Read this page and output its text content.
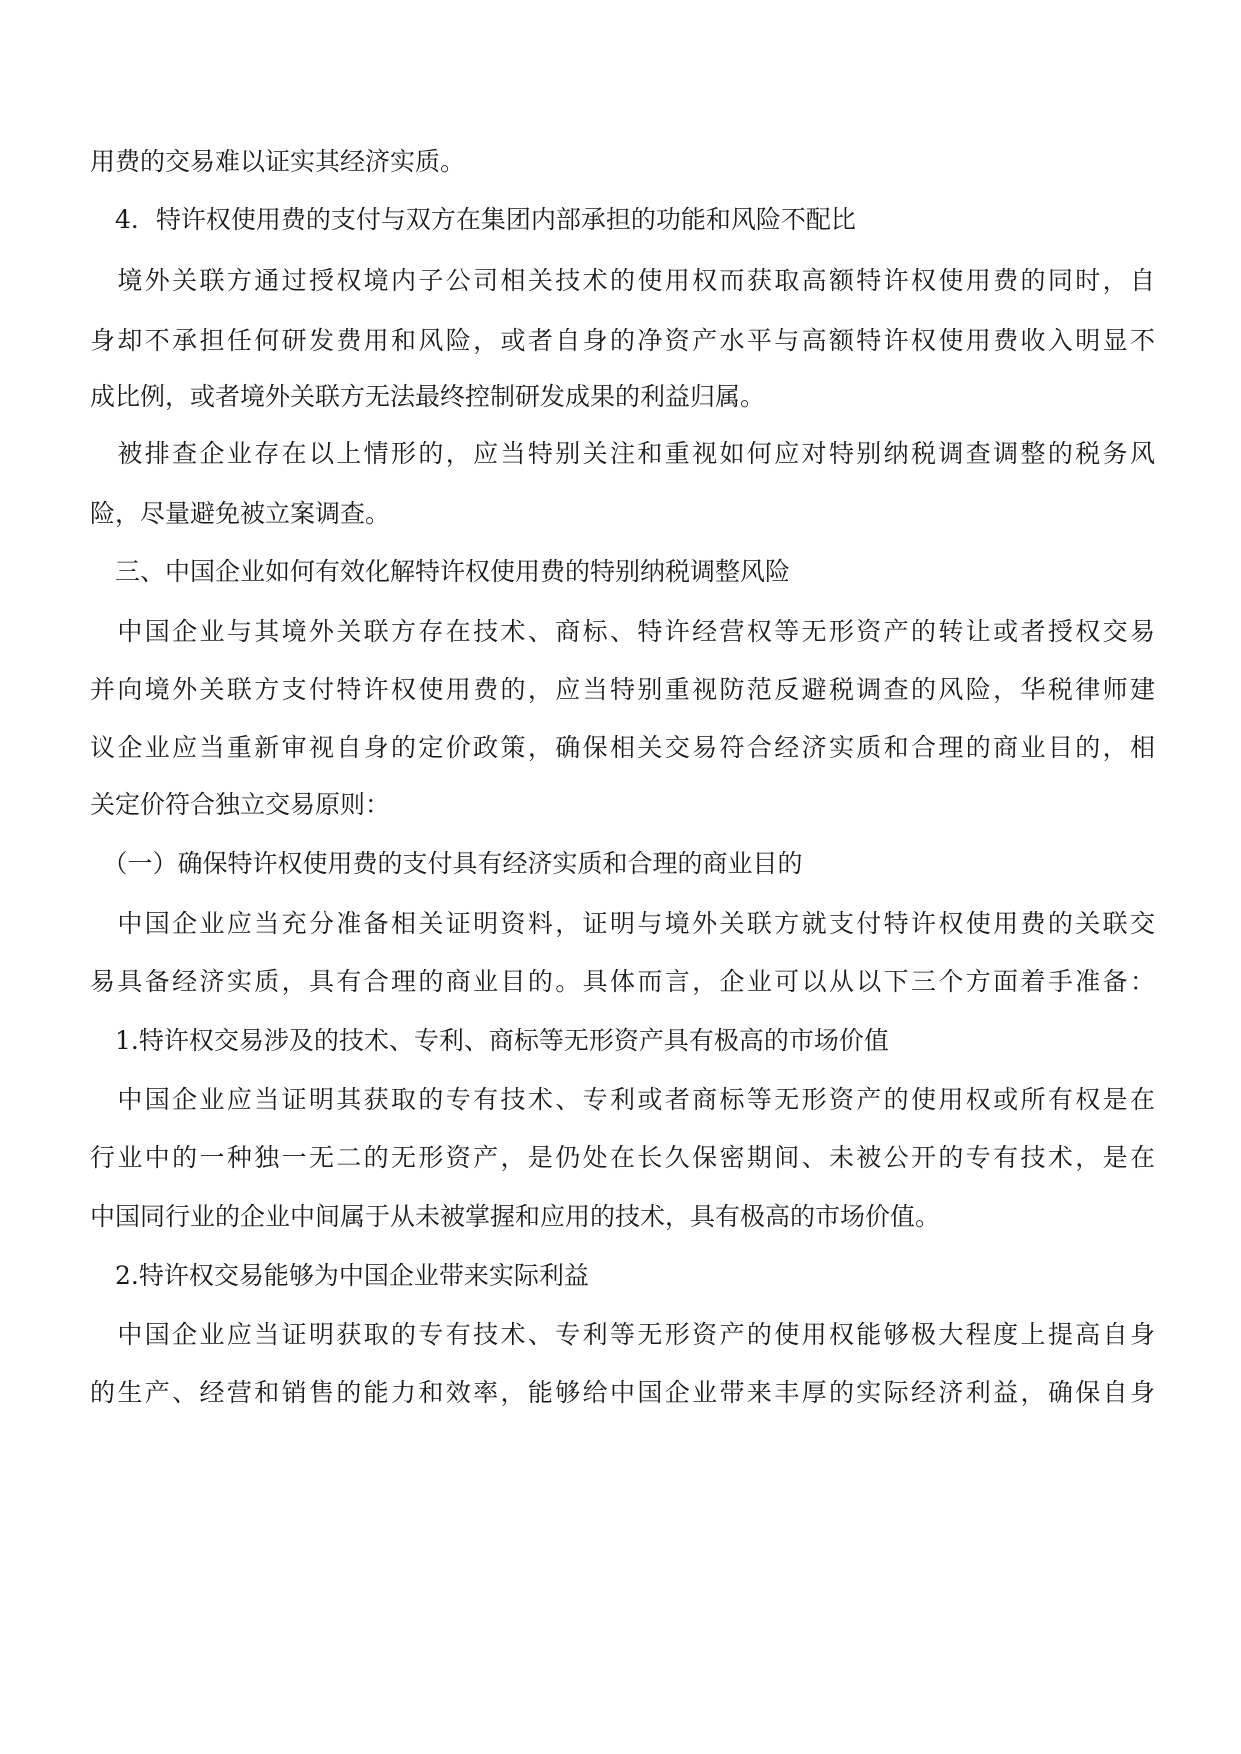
用费的交易难以证实其经济实质。
　4．特许权使用费的支付与双方在集团内部承担的功能和风险不配比
　境外关联方通过授权境内子公司相关技术的使用权而获取高额特许权使用费的同时，自
身却不承担任何研发费用和风险，或者自身的净资产水平与高额特许权使用费收入明显不
成比例，或者境外关联方无法最终控制研发成果的利益归属。
　被排查企业存在以上情形的，应当特别关注和重视如何应对特别纳税调查调整的税务风
险，尽量避免被立案调查。
　三、中国企业如何有效化解特许权使用费的特别纳税调整风险
　中国企业与其境外关联方存在技术、商标、特许经营权等无形资产的转让或者授权交易
并向境外关联方支付特许权使用费的，应当特别重视防范反避税调查的风险，华税律师建
议企业应当重新审视自身的定价政策，确保相关交易符合经济实质和合理的商业目的，相
关定价符合独立交易原则：
　（一）确保特许权使用费的支付具有经济实质和合理的商业目的
　中国企业应当充分准备相关证明资料，证明与境外关联方就支付特许权使用费的关联交
易具备经济实质，具有合理的商业目的。具体而言，企业可以从以下三个方面着手准备：
　1.特许权交易涉及的技术、专利、商标等无形资产具有极高的市场价值
　中国企业应当证明其获取的专有技术、专利或者商标等无形资产的使用权或所有权是在
行业中的一种独一无二的无形资产，是仍处在长久保密期间、未被公开的专有技术，是在
中国同行业的企业中间属于从未被掌握和应用的技术，具有极高的市场价值。
　2.特许权交易能够为中国企业带来实际利益
　中国企业应当证明获取的专有技术、专利等无形资产的使用权能够极大程度上提高自身
的生产、经营和销售的能力和效率，能够给中国企业带来丰厚的实际经济利益，确保自身
